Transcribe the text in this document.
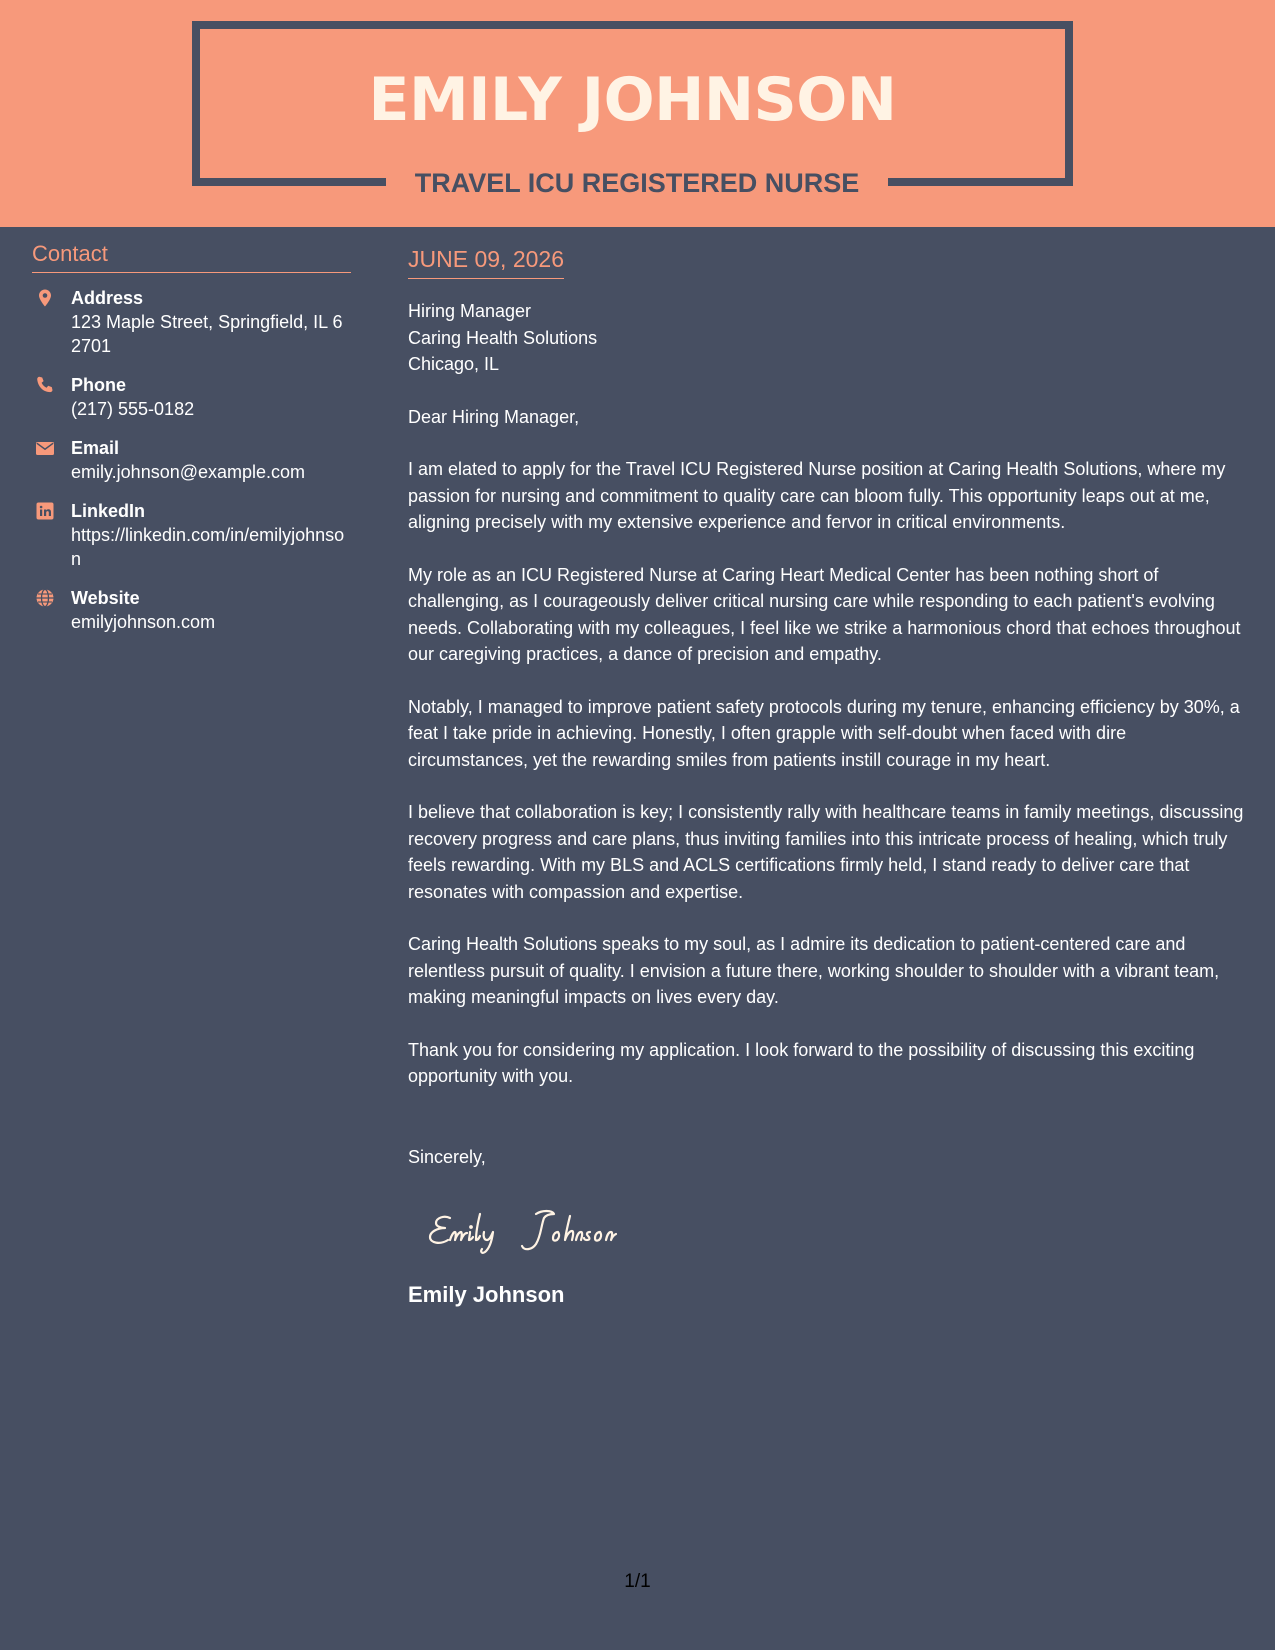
EMILY JOHNSON
TRAVEL ICU REGISTERED NURSE
Contact
Address
123 Maple Street, Springfield, IL 62701
Phone
(217) 555-0182
Email
emily.johnson@example.com
LinkedIn
https://linkedin.com/in/emilyjohnson
Website
emilyjohnson.com
JUNE 09, 2026

Hiring Manager

Caring Health Solutions

Chicago, IL

Dear Hiring Manager,

I am elated to apply for the Travel ICU Registered Nurse position at Caring Health Solutions, where my passion for nursing and commitment to quality care can bloom fully. This opportunity leaps out at me, aligning precisely with my extensive experience and fervor in critical environments.

My role as an ICU Registered Nurse at Caring Heart Medical Center has been nothing short of challenging, as I courageously deliver critical nursing care while responding to each patient's evolving needs. Collaborating with my colleagues, I feel like we strike a harmonious chord that echoes throughout our caregiving practices, a dance of precision and empathy.

Notably, I managed to improve patient safety protocols during my tenure, enhancing efficiency by 30%, a feat I take pride in achieving. Honestly, I often grapple with self-doubt when faced with dire circumstances, yet the rewarding smiles from patients instill courage in my heart.

I believe that collaboration is key; I consistently rally with healthcare teams in family meetings, discussing recovery progress and care plans, thus inviting families into this intricate process of healing, which truly feels rewarding. With my BLS and ACLS certifications firmly held, I stand ready to deliver care that resonates with compassion and expertise.

Caring Health Solutions speaks to my soul, as I admire its dedication to patient-centered care and relentless pursuit of quality. I envision a future there, working shoulder to shoulder with a vibrant team, making meaningful impacts on lives every day.

Thank you for considering my application. I look forward to the possibility of discussing this exciting opportunity with you.

Sincerely,
Emily Johnson
1/1
